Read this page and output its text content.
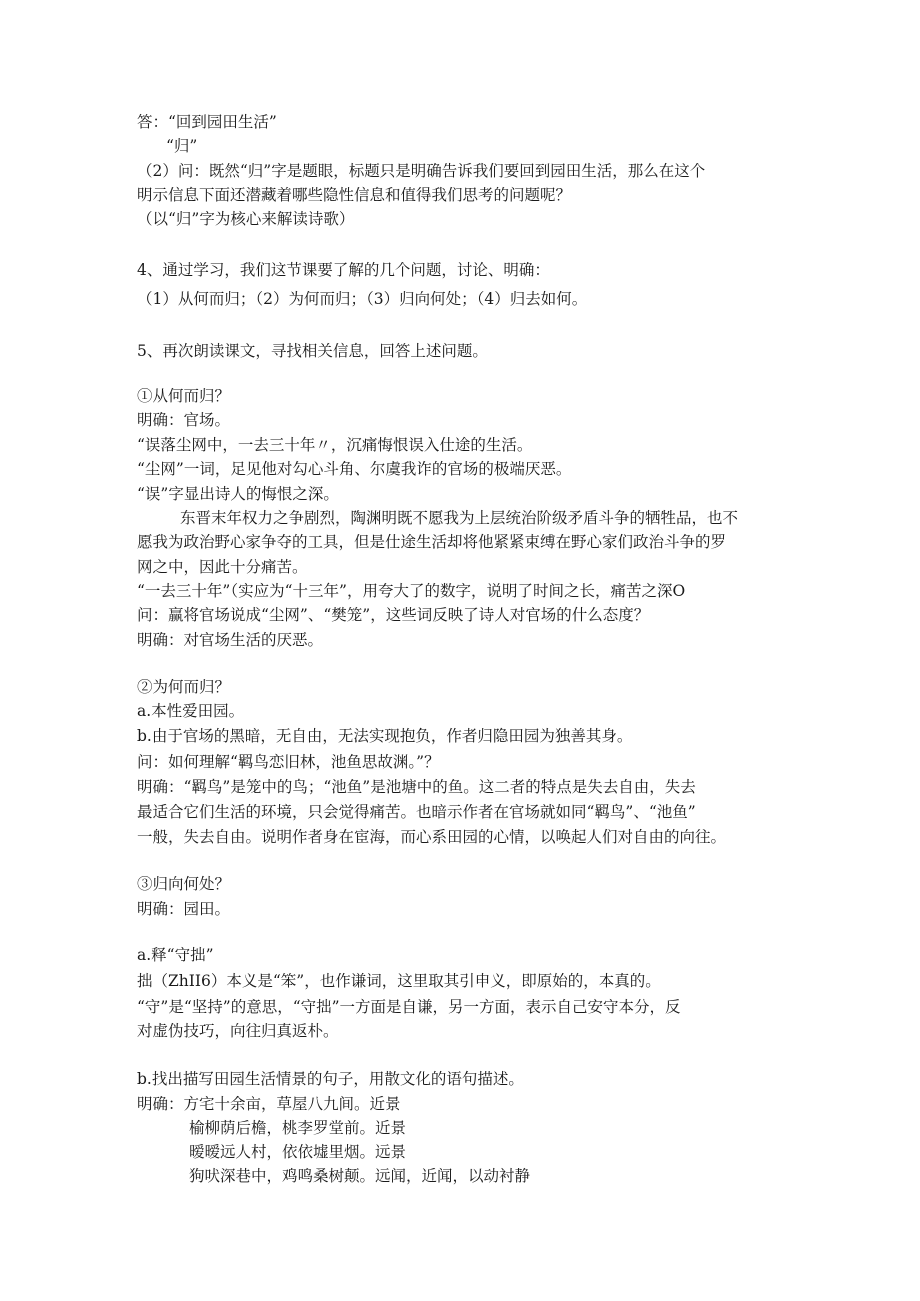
答：“回到园田生活”
“归”
（2）问：既然“归”字是题眼，标题只是明确告诉我们要回到园田生活，那么在这个
明示信息下面还潜藏着哪些隐性信息和值得我们思考的问题呢？
（以“归”字为核心来解读诗歌）
4、通过学习，我们这节课要了解的几个问题，讨论、明确：
（1）从何而归；（2）为何而归；（3）归向何处；（4）归去如何。
5、再次朗读课文，寻找相关信息，回答上述问题。
①从何而归？
明确：官场。
“误落尘网中，一去三十年〃，沉痛悔恨误入仕途的生活。
“尘网”一词，足见他对勾心斗角、尔虞我诈的官场的极端厌恶。
“误”字显出诗人的悔恨之深。
东晋末年权力之争剧烈，陶渊明既不愿我为上层统治阶级矛盾斗争的牺牲品，也不
愿我为政治野心家争夺的工具，但是仕途生活却将他紧紧束缚在野心家们政治斗争的罗
网之中，因此十分痛苦。
“一去三十年”（实应为“十三年”，用夸大了的数字，说明了时间之长，痛苦之深O
问：赢将官场说成“尘网”、“樊笼”，这些词反映了诗人对官场的什么态度？
明确：对官场生活的厌恶。
②为何而归？
a.本性爱田园。
b.由于官场的黑暗，无自由，无法实现抱负，作者归隐田园为独善其身。
问：如何理解“羁鸟恋旧林，池鱼思故渊。”？
明确：“羁鸟”是笼中的鸟；“池鱼”是池塘中的鱼。这二者的特点是失去自由，失去
最适合它们生活的环境，只会觉得痛苦。也暗示作者在官场就如同“羁鸟”、“池鱼”
一般，失去自由。说明作者身在宦海，而心系田园的心情，以唤起人们对自由的向往。
③归向何处？
明确：园田。
a.释“守拙”
拙（ZhII6）本义是“笨”，也作谦词，这里取其引申义，即原始的，本真的。
“守”是“坚持”的意思，“守拙”一方面是自谦，另一方面，表示自己安守本分，反
对虚伪技巧，向往归真返朴。
b.找出描写田园生活情景的句子，用散文化的语句描述。
明确：方宅十余亩，草屋八九间。近景
榆柳荫后檐，桃李罗堂前。近景
暧暧远人村，依依墟里烟。远景
狗吠深巷中，鸡鸣桑树颠。远闻，近闻，以动衬静
